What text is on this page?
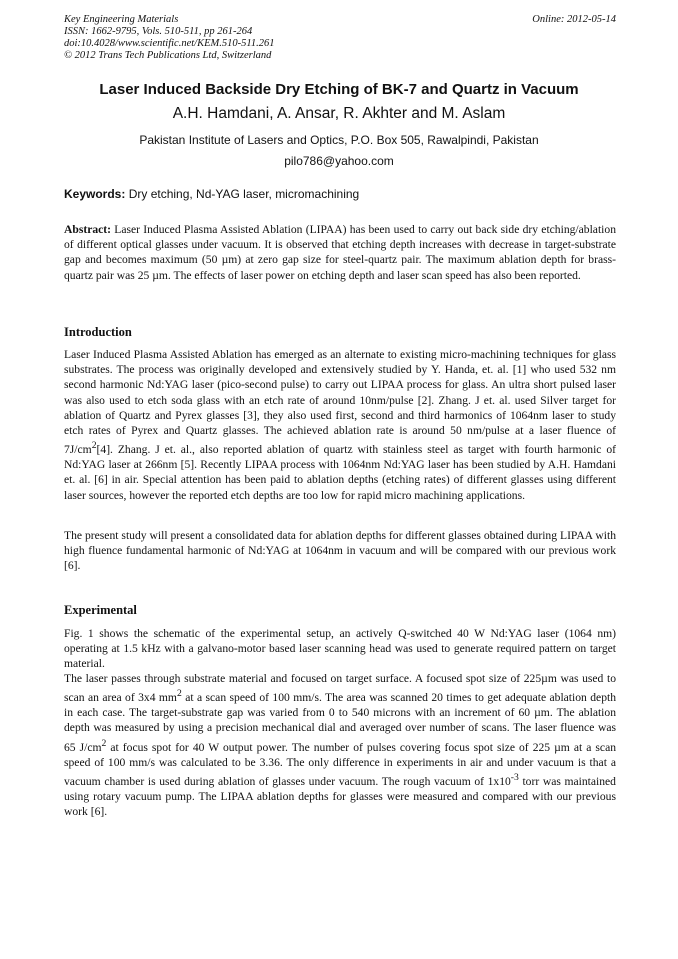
Key Engineering Materials
ISSN: 1662-9795, Vols. 510-511, pp 261-264
doi:10.4028/www.scientific.net/KEM.510-511.261
© 2012 Trans Tech Publications Ltd, Switzerland
Online: 2012-05-14
Laser Induced Backside Dry Etching of BK-7 and Quartz in Vacuum
A.H. Hamdani, A. Ansar, R. Akhter and M. Aslam
Pakistan Institute of Lasers and Optics, P.O. Box 505, Rawalpindi, Pakistan
pilo786@yahoo.com
Keywords: Dry etching, Nd-YAG laser, micromachining
Abstract: Laser Induced Plasma Assisted Ablation (LIPAA) has been used to carry out back side dry etching/ablation of different optical glasses under vacuum. It is observed that etching depth increases with decrease in target-substrate gap and becomes maximum (50 µm) at zero gap size for steel-quartz pair. The maximum ablation depth for brass-quartz pair was 25 µm. The effects of laser power on etching depth and laser scan speed has also been reported.
Introduction
Laser Induced Plasma Assisted Ablation has emerged as an alternate to existing micro-machining techniques for glass substrates. The process was originally developed and extensively studied by Y. Handa, et. al. [1] who used 532 nm second harmonic Nd:YAG laser (pico-second pulse) to carry out LIPAA process for glass. An ultra short pulsed laser was also used to etch soda glass with an etch rate of around 10nm/pulse [2]. Zhang. J et. al. used Silver target for ablation of Quartz and Pyrex glasses [3], they also used first, second and third harmonics of 1064nm laser to study etch rates of Pyrex and Quartz glasses. The achieved ablation rate is around 50 nm/pulse at a laser fluence of $7J/cm^2[4]$. Zhang. J et. al., also reported ablation of quartz with stainless steel as target with fourth harmonic of Nd:YAG laser at 266nm [5]. Recently LIPAA process with 1064nm Nd:YAG laser has been studied by A.H. Hamdani et. al. [6] in air. Special attention has been paid to ablation depths (etching rates) of different glasses using different laser sources, however the reported etch depths are too low for rapid micro machining applications.
The present study will present a consolidated data for ablation depths for different glasses obtained during LIPAA with high fluence fundamental harmonic of Nd:YAG at 1064nm in vacuum and will be compared with our previous work [6].
Experimental
Fig. 1 shows the schematic of the experimental setup, an actively Q-switched 40 W Nd:YAG laser (1064 nm) operating at 1.5 kHz with a galvano-motor based laser scanning head was used to generate required pattern on target material.
The laser passes through substrate material and focused on target surface. A focused spot size of 225µm was used to scan an area of 3x4 $mm^2$ at a scan speed of 100 mm/s. The area was scanned 20 times to get adequate ablation depth in each case. The target-substrate gap was varied from 0 to 540 microns with an increment of 60 µm. The ablation depth was measured by using a precision mechanical dial and averaged over number of scans. The laser fluence was 65 $J/cm^2$ at focus spot for 40 W output power. The number of pulses covering focus spot size of 225 µm at a scan speed of 100 mm/s was calculated to be 3.36. The only difference in experiments in air and under vacuum is that a vacuum chamber is used during ablation of glasses under vacuum. The rough vacuum of $1x10^{-3}$ torr was maintained using rotary vacuum pump. The LIPAA ablation depths for glasses were measured and compared with our previous work [6].
